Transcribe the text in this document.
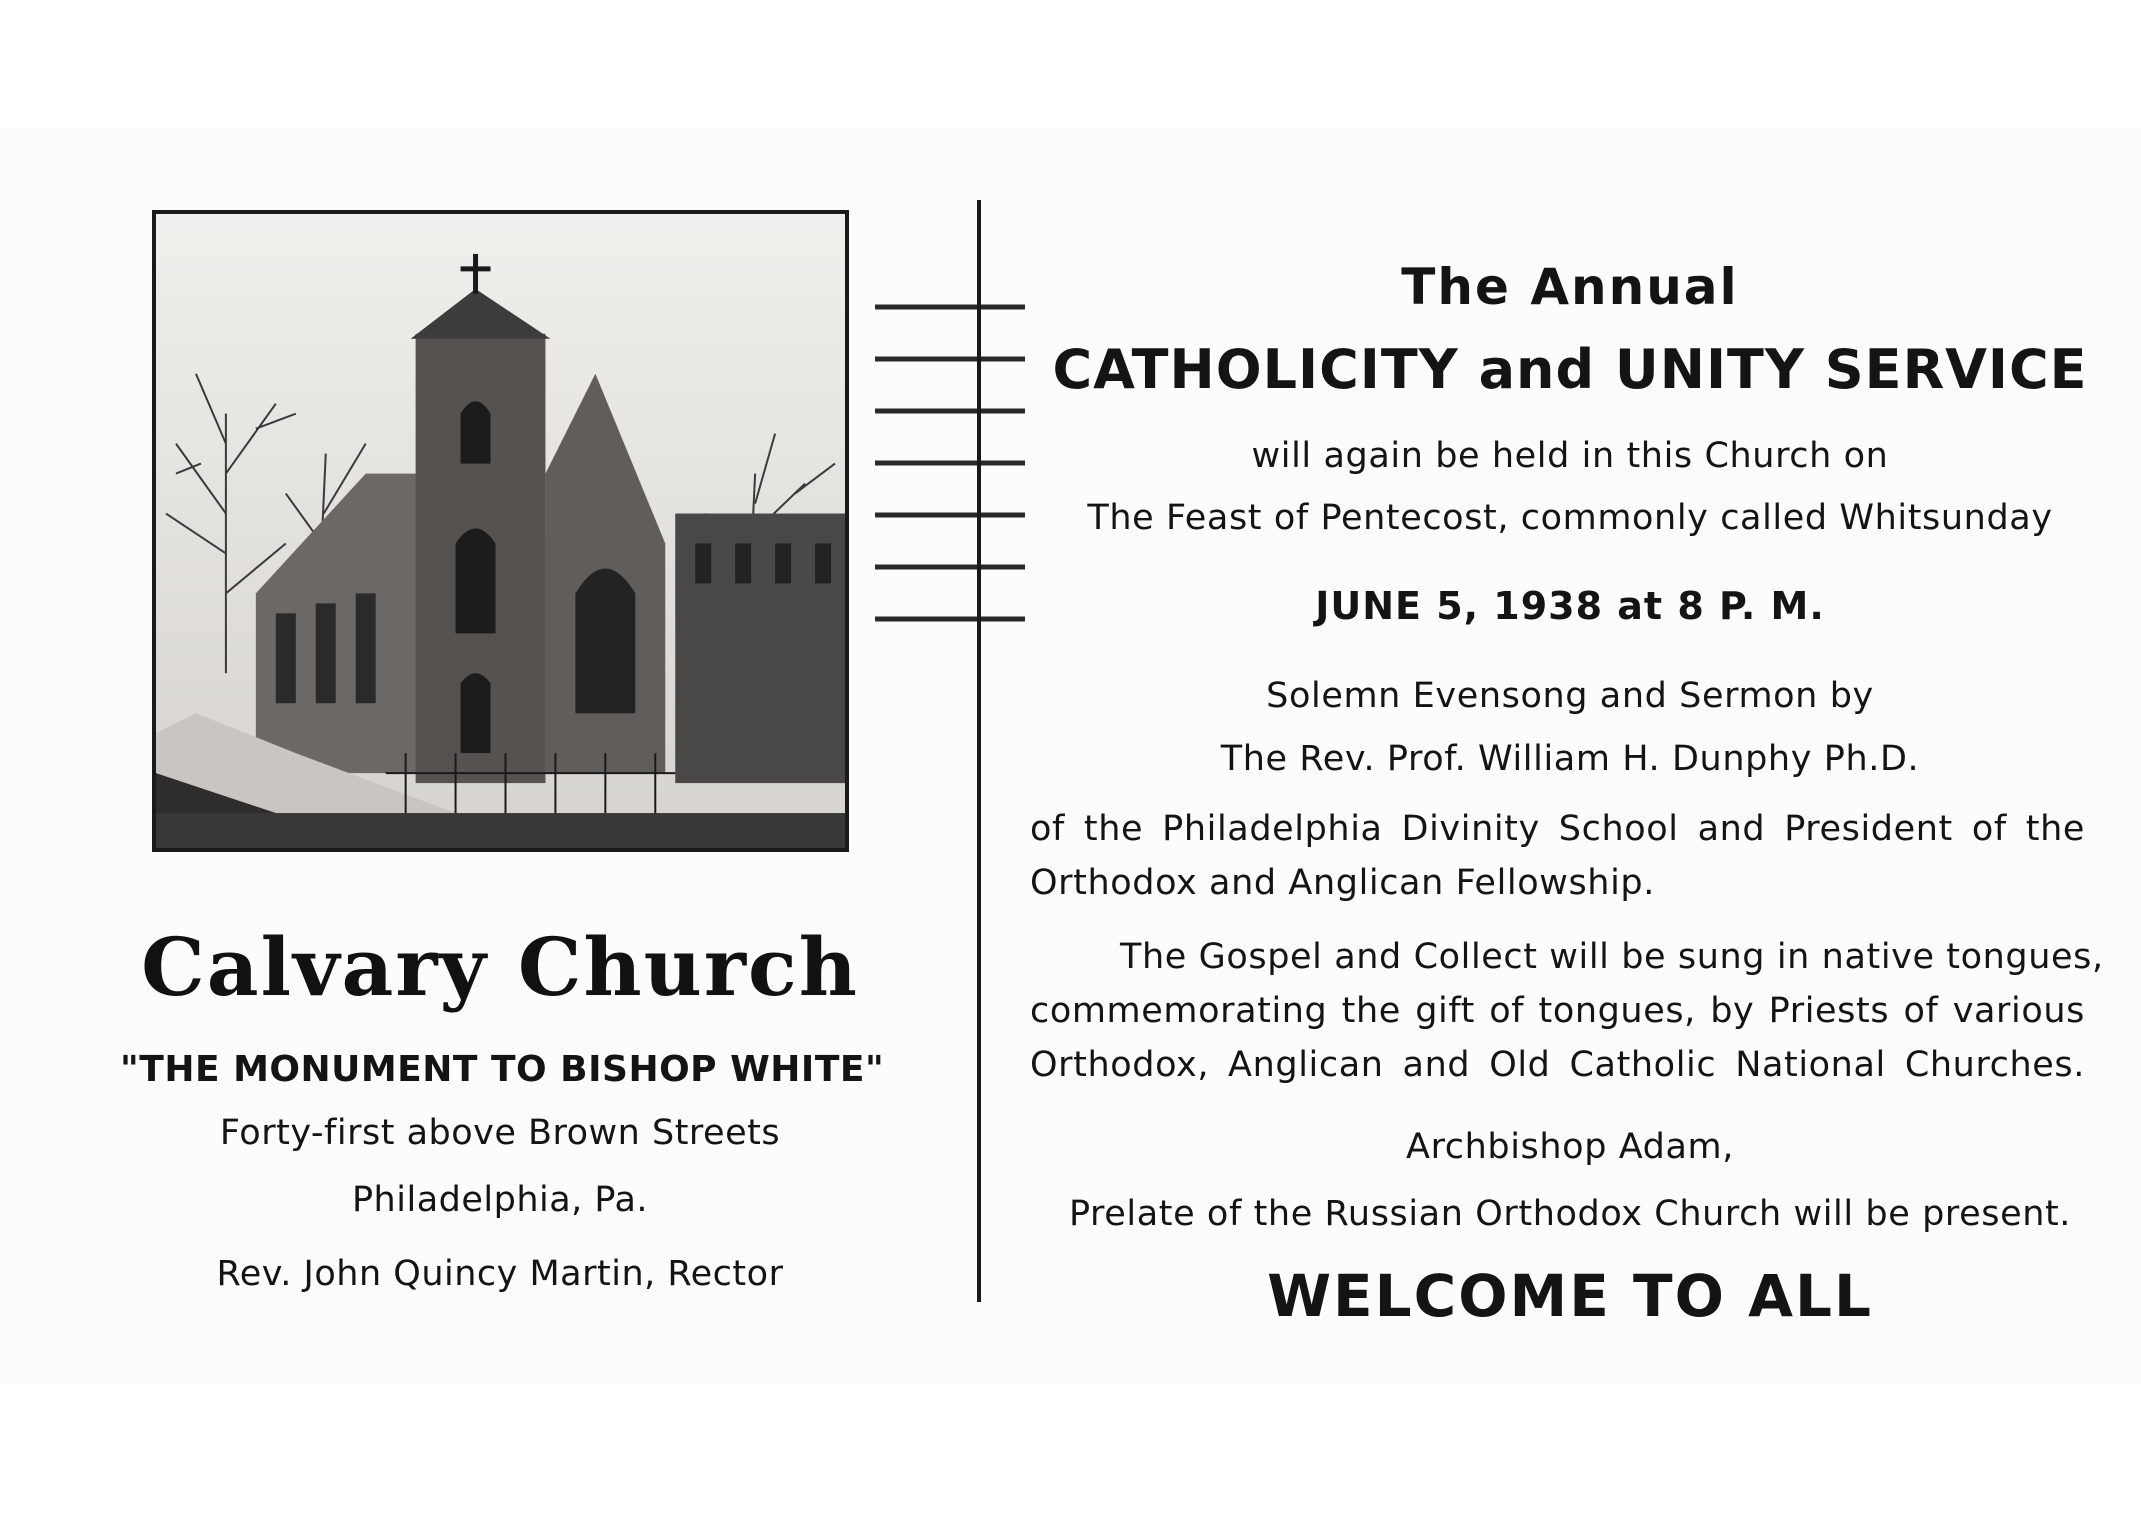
Calvary Church
"THE MONUMENT TO BISHOP WHITE"
Forty-first above Brown Streets
Philadelphia, Pa.
Rev. John Quincy Martin, Rector
The Annual
CATHOLICITY and UNITY SERVICE
will again be held in this Church on
The Feast of Pentecost, commonly called Whitsunday
JUNE 5, 1938 at 8 P. M.
Solemn Evensong and Sermon by
The Rev. Prof. William H. Dunphy Ph.D.
of the Philadelphia Divinity School and President of the
Orthodox and Anglican Fellowship.
The Gospel and Collect will be sung in native tongues,
commemorating the gift of tongues, by Priests of various
Orthodox, Anglican and Old Catholic National Churches.
Archbishop Adam,
Prelate of the Russian Orthodox Church will be present.
WELCOME TO ALL
